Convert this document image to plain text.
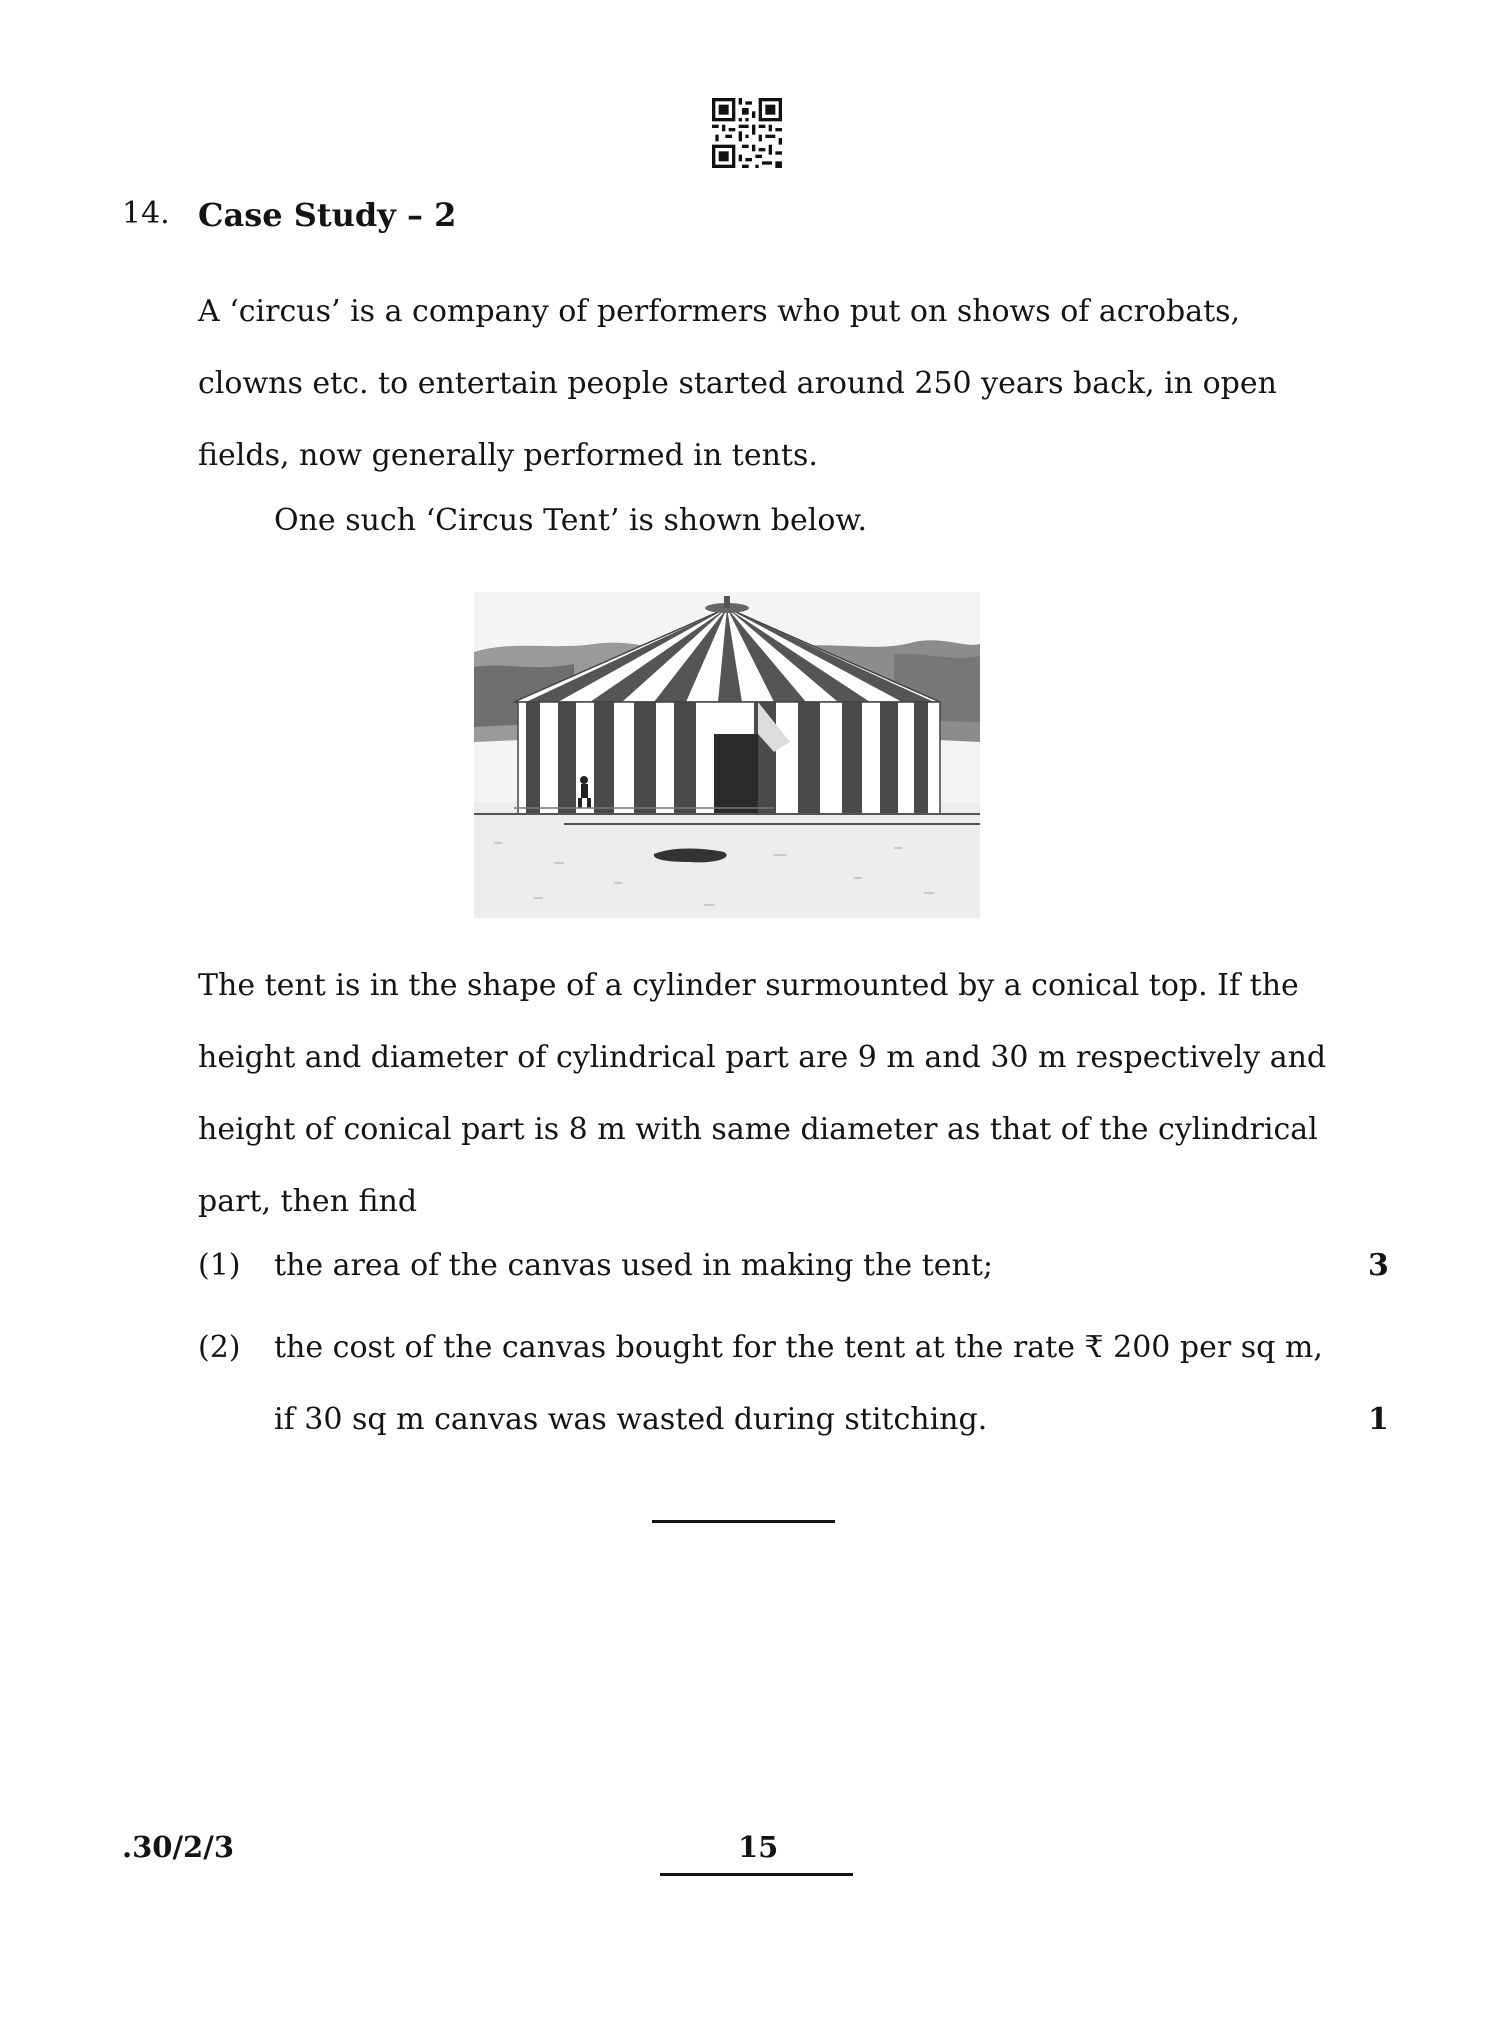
14. Case Study – 2
A ‘circus’ is a company of performers who put on shows of acrobats, clowns etc. to entertain people started around 250 years back, in open fields, now generally performed in tents.
One such ‘Circus Tent’ is shown below.
The tent is in the shape of a cylinder surmounted by a conical top. If the height and diameter of cylindrical part are 9 m and 30 m respectively and height of conical part is 8 m with same diameter as that of the cylindrical part, then find
(1) the area of the canvas used in making the tent;	3
(2) the cost of the canvas bought for the tent at the rate ₹ 200 per sq m,
if 30 sq m canvas was wasted during stitching.	1
.30/2/3	15
